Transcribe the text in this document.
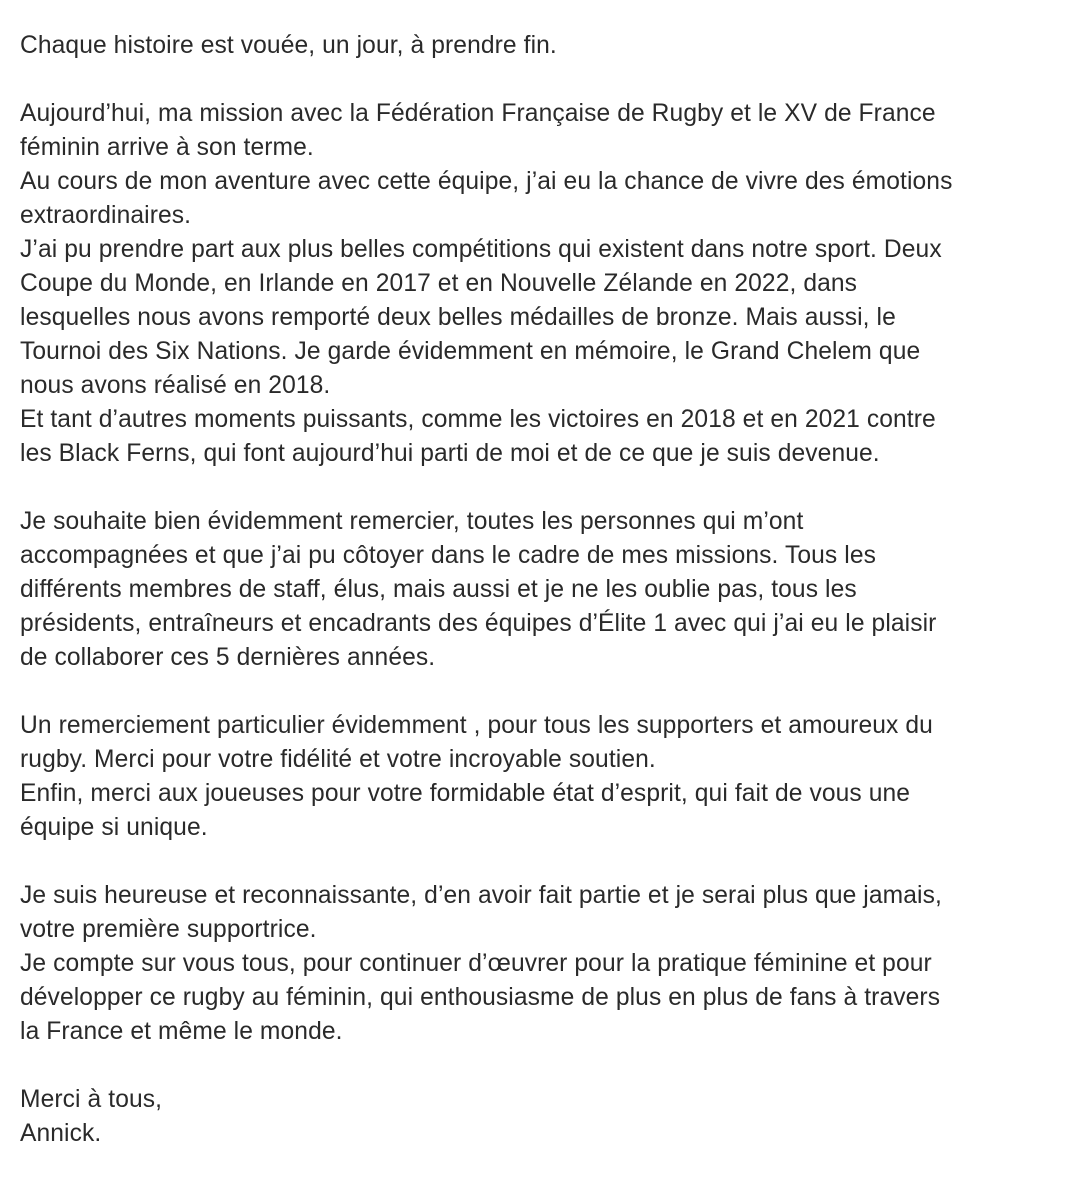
Chaque histoire est vouée, un jour, à prendre fin.
Aujourd’hui, ma mission avec la Fédération Française de Rugby et le XV de France
féminin arrive à son terme.
Au cours de mon aventure avec cette équipe, j’ai eu la chance de vivre des émotions
extraordinaires.
J’ai pu prendre part aux plus belles compétitions qui existent dans notre sport. Deux
Coupe du Monde, en Irlande en 2017 et en Nouvelle Zélande en 2022, dans
lesquelles nous avons remporté deux belles médailles de bronze. Mais aussi, le
Tournoi des Six Nations. Je garde évidemment en mémoire, le Grand Chelem que
nous avons réalisé en 2018.
Et tant d’autres moments puissants, comme les victoires en 2018 et en 2021 contre
les Black Ferns, qui font aujourd’hui parti de moi et de ce que je suis devenue.
Je souhaite bien évidemment remercier, toutes les personnes qui m’ont
accompagnées et que j’ai pu côtoyer dans le cadre de mes missions. Tous les
différents membres de staff, élus, mais aussi et je ne les oublie pas, tous les
présidents, entraîneurs et encadrants des équipes d’Élite 1 avec qui j’ai eu le plaisir
de collaborer ces 5 dernières années.
Un remerciement particulier évidemment , pour tous les supporters et amoureux du
rugby. Merci pour votre fidélité et votre incroyable soutien.
Enfin, merci aux joueuses pour votre formidable état d’esprit, qui fait de vous une
équipe si unique.
Je suis heureuse et reconnaissante, d’en avoir fait partie et je serai plus que jamais,
votre première supportrice.
Je compte sur vous tous, pour continuer d’œuvrer pour la pratique féminine et pour
développer ce rugby au féminin, qui enthousiasme de plus en plus de fans à travers
la France et même le monde.
Merci à tous,
Annick.
